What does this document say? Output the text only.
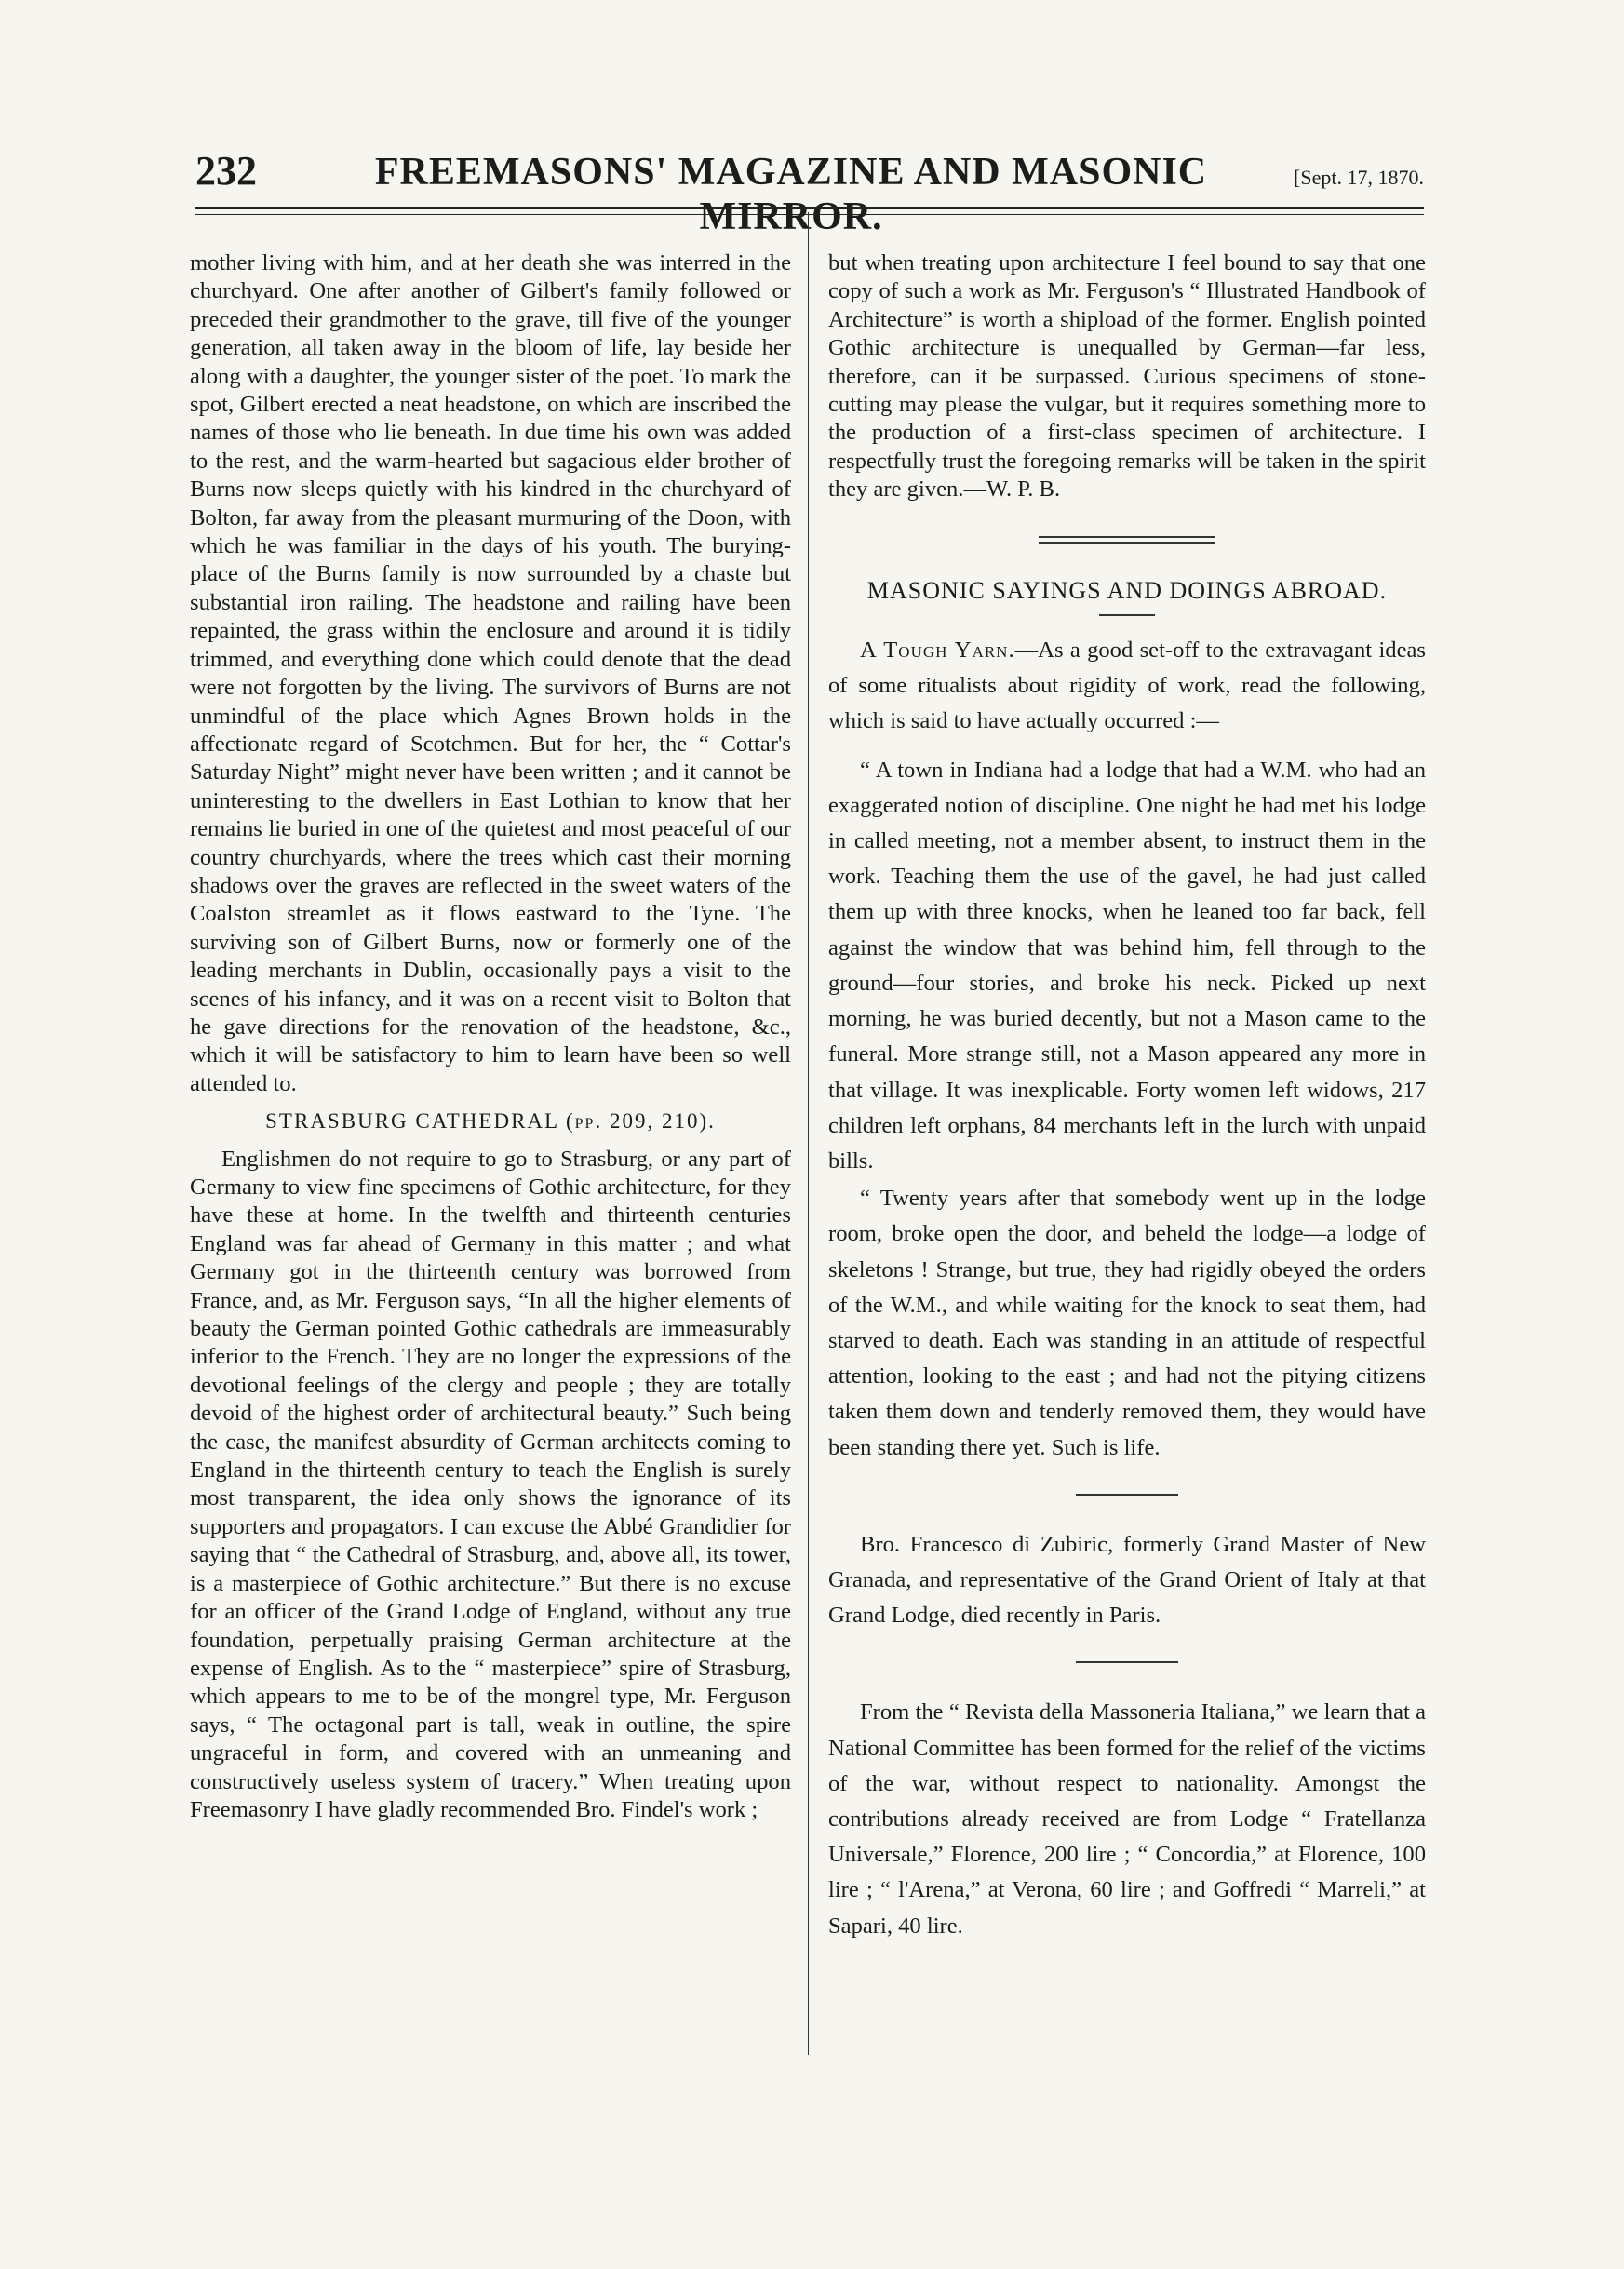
232	FREEMASONS' MAGAZINE AND MASONIC MIRROR.
[Sept. 17, 1870.

mother living with him, and at her death she was interred in the churchyard. One after another of Gilbert's family followed or preceded their grandmother to the grave, till five of the younger generation, all taken away in the bloom of life, lay beside her along with a daughter, the younger sister of the poet. To mark the spot, Gilbert erected a neat headstone, on which are inscribed the names of those who lie beneath. In due time his own was added to the rest, and the warm-hearted but sagacious elder brother of Burns now sleeps quietly with his kindred in the churchyard of Bolton, far away from the pleasant murmuring of the Doon, with which he was familiar in the days of his youth. The burying-place of the Burns family is now surrounded by a chaste but substantial iron railing. The headstone and railing have been repainted, the grass within the enclosure and around it is tidily trimmed, and everything done which could denote that the dead were not forgotten by the living. The survivors of Burns are not unmindful of the place which Agnes Brown holds in the affectionate regard of Scotchmen. But for her, the “ Cottar's Saturday Night” might never have been written ; and it cannot be uninteresting to the dwellers in East Lothian to know that her remains lie buried in one of the quietest and most peaceful of our country churchyards, where the trees which cast their morning shadows over the graves are reflected in the sweet waters of the Coalston streamlet as it flows eastward to the Tyne. The surviving son of Gilbert Burns, now or formerly one of the leading merchants in Dublin, occasionally pays a visit to the scenes of his infancy, and it was on a recent visit to Bolton that he gave directions for the renovation of the headstone, &c., which it will be satisfactory to him to learn have been so well attended to.

STRASBURG CATHEDRAL (pp. 209, 210).

Englishmen do not require to go to Strasburg, or any part of Germany to view fine specimens of Gothic architecture, for they have these at home. In the twelfth and thirteenth centuries England was far ahead of Germany in this matter ; and what Germany got in the thirteenth century was borrowed from France, and, as Mr. Ferguson says, “In all the higher elements of beauty the German pointed Gothic cathedrals are immeasurably inferior to the French. They are no longer the expressions of the devotional feelings of the clergy and people ; they are totally devoid of the highest order of architectural beauty.” Such being the case, the manifest absurdity of German architects coming to England in the thirteenth century to teach the English is surely most transparent, the idea only shows the ignorance of its supporters and propagators. I can excuse the Abbé Grandidier for saying that “ the Cathedral of Strasburg, and, above all, its tower, is a masterpiece of Gothic architecture.” But there is no excuse for an officer of the Grand Lodge of England, without any true foundation, perpetually praising German architecture at the expense of English. As to the “ masterpiece” spire of Strasburg, which appears to me to be of the mongrel type, Mr. Ferguson says, “ The octagonal part is tall, weak in outline, the spire ungraceful in form, and covered with an unmeaning and constructively useless system of tracery.” When treating upon Freemasonry I have gladly recommended Bro. Findel's work ;

but when treating upon architecture I feel bound to say that one copy of such a work as Mr. Ferguson's “ Illustrated Handbook of Architecture” is worth a shipload of the former. English pointed Gothic architecture is unequalled by German—far less, therefore, can it be surpassed. Curious specimens of stone-cutting may please the vulgar, but it requires something more to the production of a first-class specimen of architecture. I respectfully trust the foregoing remarks will be taken in the spirit they are given.—W. P. B.

MASONIC SAYINGS AND DOINGS ABROAD.

A Tough Yarn.—As a good set-off to the extravagant ideas of some ritualists about rigidity of work, read the following, which is said to have actually occurred :—

“ A town in Indiana had a lodge that had a W.M. who had an exaggerated notion of discipline. One night he had met his lodge in called meeting, not a member absent, to instruct them in the work. Teaching them the use of the gavel, he had just called them up with three knocks, when he leaned too far back, fell against the window that was behind him, fell through to the ground—four stories, and broke his neck. Picked up next morning, he was buried decently, but not a Mason came to the funeral. More strange still, not a Mason appeared any more in that village. It was inexplicable. Forty women left widows, 217 children left orphans, 84 merchants left in the lurch with unpaid bills.

“ Twenty years after that somebody went up in the lodge room, broke open the door, and beheld the lodge—a lodge of skeletons ! Strange, but true, they had rigidly obeyed the orders of the W.M., and while waiting for the knock to seat them, had starved to death. Each was standing in an attitude of respectful attention, looking to the east ; and had not the pitying citizens taken them down and tenderly removed them, they would have been standing there yet. Such is life.

Bro. Francesco di Zubiric, formerly Grand Master of New Granada, and representative of the Grand Orient of Italy at that Grand Lodge, died recently in Paris.

From the “ Revista della Massoneria Italiana,” we learn that a National Committee has been formed for the relief of the victims of the war, without respect to nationality. Amongst the contributions already received are from Lodge “ Fratellanza Universale,” Florence, 200 lire ; “ Concordia,” at Florence, 100 lire ; “ l'Arena,” at Verona, 60 lire ; and Goffredi “ Marreli,” at Sapari, 40 lire.
